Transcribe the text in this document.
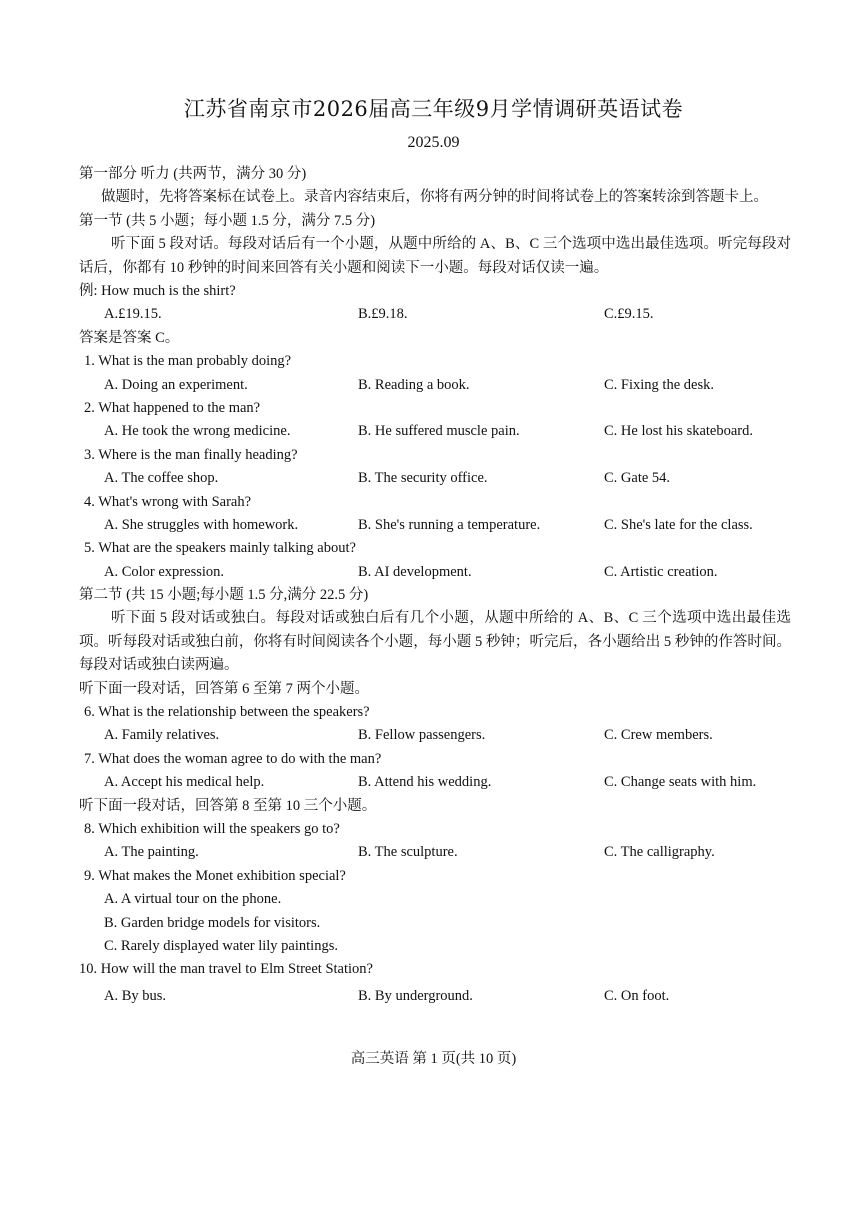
江苏省南京市2026届高三年级9月学情调研英语试卷
2025.09
第一部分 听力 (共两节，满分 30 分)
做题时，先将答案标在试卷上。录音内容结束后，你将有两分钟的时间将试卷上的答案转涂到答题卡上。
第一节 (共 5 小题；每小题 1.5 分，满分 7.5 分)
听下面 5 段对话。每段对话后有一个小题，从题中所给的 A、B、C 三个选项中选出最佳选项。听完每段对话后，你都有 10 秒钟的时间来回答有关小题和阅读下一小题。每段对话仅读一遍。
例: How much is the shirt?
A.£19.15.	B.£9.18.	C.£9.15.
答案是答案 C。
1. What is the man probably doing?
A. Doing an experiment.	B. Reading a book.	C. Fixing the desk.
2. What happened to the man?
A. He took the wrong medicine.	B. He suffered muscle pain.	C. He lost his skateboard.
3. Where is the man finally heading?
A. The coffee shop.	B. The security office.	C. Gate 54.
4. What's wrong with Sarah?
A. She struggles with homework.	B. She's running a temperature.	C. She's late for the class.
5. What are the speakers mainly talking about?
A. Color expression.	B. AI development.	C. Artistic creation.
第二节 (共 15 小题;每小题 1.5 分,满分 22.5 分)
听下面 5 段对话或独白。每段对话或独白后有几个小题，从题中所给的 A、B、C 三个选项中选出最佳选项。听每段对话或独白前，你将有时间阅读各个小题，每小题 5 秒钟；听完后，各小题给出 5 秒钟的作答时间。每段对话或独白读两遍。
听下面一段对话，回答第 6 至第 7 两个小题。
6. What is the relationship between the speakers?
A. Family relatives.	B. Fellow passengers.	C. Crew members.
7. What does the woman agree to do with the man?
A. Accept his medical help.	B. Attend his wedding.	C. Change seats with him.
听下面一段对话，回答第 8 至第 10 三个小题。
8. Which exhibition will the speakers go to?
A. The painting.	B. The sculpture.	C. The calligraphy.
9. What makes the Monet exhibition special?
A. A virtual tour on the phone.
B. Garden bridge models for visitors.
C. Rarely displayed water lily paintings.
10. How will the man travel to Elm Street Station?
A. By bus.	B. By underground.	C. On foot.
高三英语 第 1 页(共 10 页)
